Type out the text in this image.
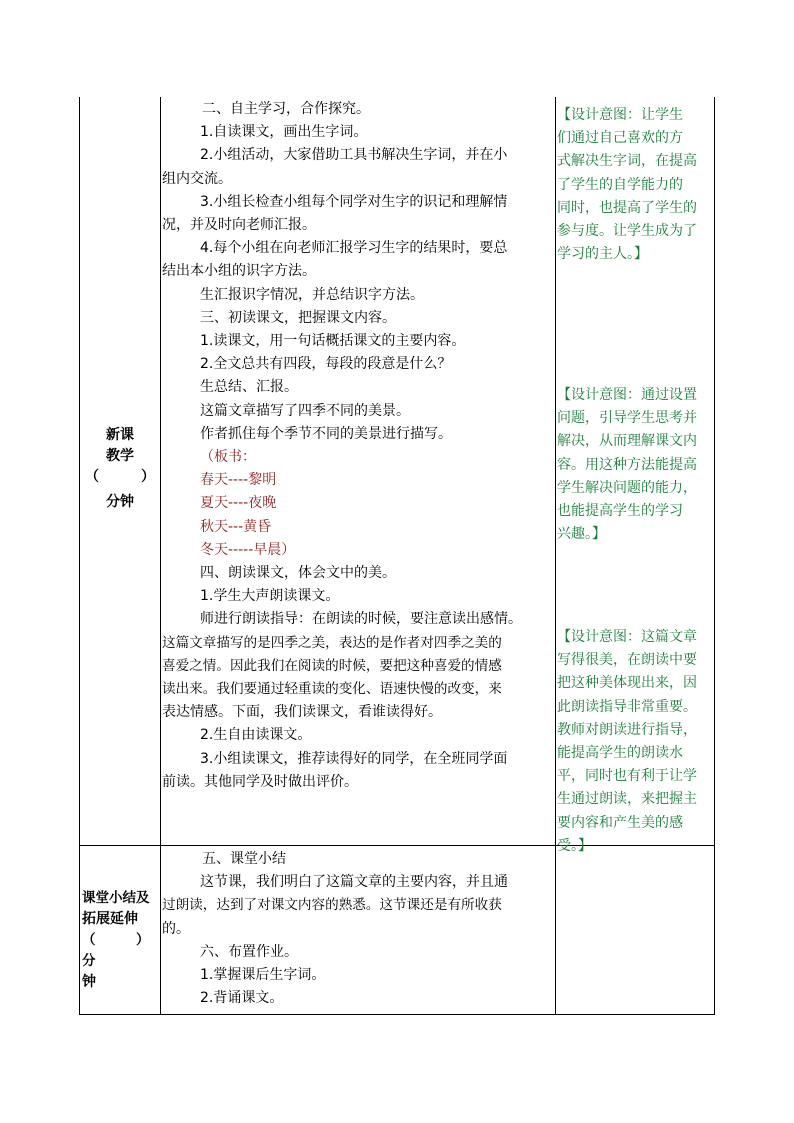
新课

教学

（　　　）

分钟

二、自主学习，合作探究。

1.自读课文，画出生字词。

2.小组活动，大家借助工具书解决生字词，并在小

组内交流。

3.小组长检查小组每个同学对生字的识记和理解情

况，并及时向老师汇报。

4.每个小组在向老师汇报学习生字的结果时，要总

结出本小组的识字方法。

生汇报识字情况，并总结识字方法。

三、初读课文，把握课文内容。

1.读课文，用一句话概括课文的主要内容。

2.全文总共有四段，每段的段意是什么？

生总结、汇报。

这篇文章描写了四季不同的美景。

作者抓住每个季节不同的美景进行描写。

（板书：

春天----黎明

夏天----夜晚

秋天---黄昏

冬天-----早晨）

四、朗读课文，体会文中的美。

1.学生大声朗读课文。

师进行朗读指导：在朗读的时候，要注意读出感情。

这篇文章描写的是四季之美，表达的是作者对四季之美的

喜爱之情。因此我们在阅读的时候，要把这种喜爱的情感

读出来。我们要通过轻重读的变化、语速快慢的改变，来

表达情感。下面，我们读课文，看谁读得好。

2.生自由读课文。

3.小组读课文，推荐读得好的同学，在全班同学面

前读。其他同学及时做出评价。

【设计意图：让学生

们通过自己喜欢的方

式解决生字词，在提高

了学生的自学能力的

同时，也提高了学生的

参与度。让学生成为了

学习的主人。】

【设计意图：通过设置

问题，引导学生思考并

解决，从而理解课文内

容。用这种方法能提高

学生解决问题的能力，

也能提高学生的学习

兴趣。】

【设计意图：这篇文章

写得很美，在朗读中要

把这种美体现出来，因

此朗读指导非常重要。

教师对朗读进行指导，

能提高学生的朗读水

平，同时也有利于让学

生通过朗读，来把握主

要内容和产生美的感

受。】

课堂小结及

拓展延伸

（　　　）分

钟

五、课堂小结

这节课，我们明白了这篇文章的主要内容，并且通

过朗读，达到了对课文内容的熟悉。这节课还是有所收获

的。

六、布置作业。

1.掌握课后生字词。

2.背诵课文。
